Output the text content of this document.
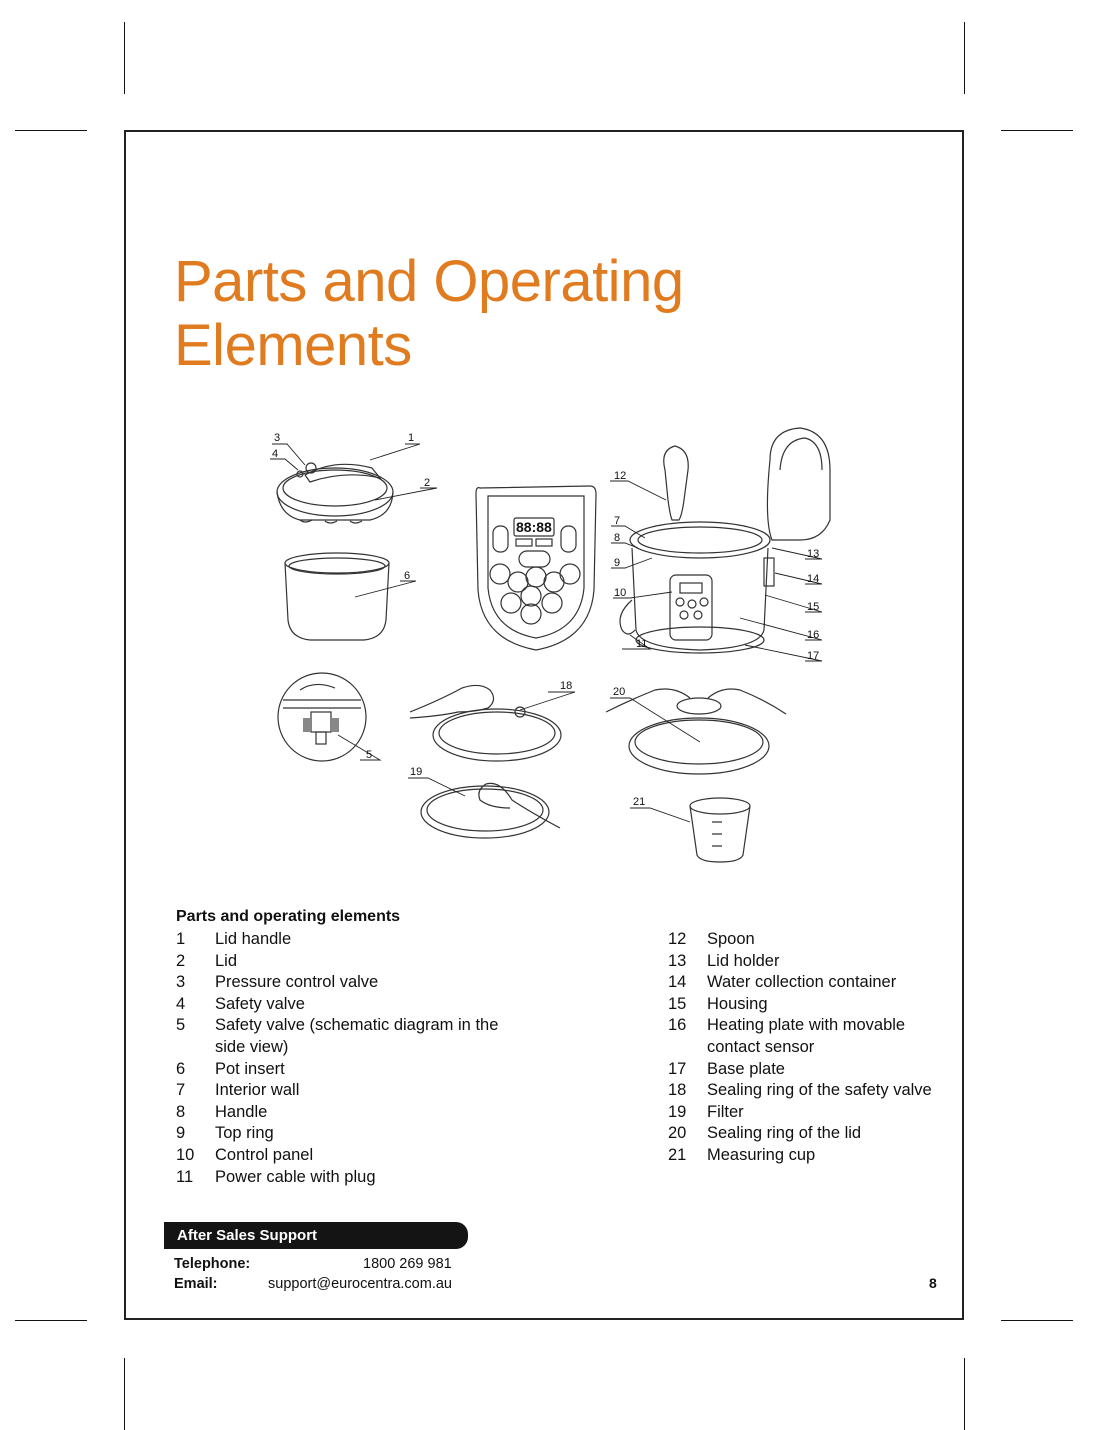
Parts and Operating
Elements
88:88
1
2
3
4
5
6
7
8
9
10
11
12
13
14
15
16
17
18
19
20
21
Parts and operating elements
1	Lid handle
2	Lid
3	Pressure control valve
4	Safety valve
5	Safety valve (schematic diagram in the side view)
6	Pot insert
7	Interior wall
8	Handle
9	Top ring
10	Control panel
11	Power cable with plug
12	Spoon
13	Lid holder
14	Water collection container
15	Housing
16	Heating plate with movable contact sensor
17	Base plate
18	Sealing ring of the safety valve
19	Filter
20	Sealing ring of the lid
21	Measuring cup
After Sales Support
Telephone:	1800 269 981
Email:	support@eurocentra.com.au	8
